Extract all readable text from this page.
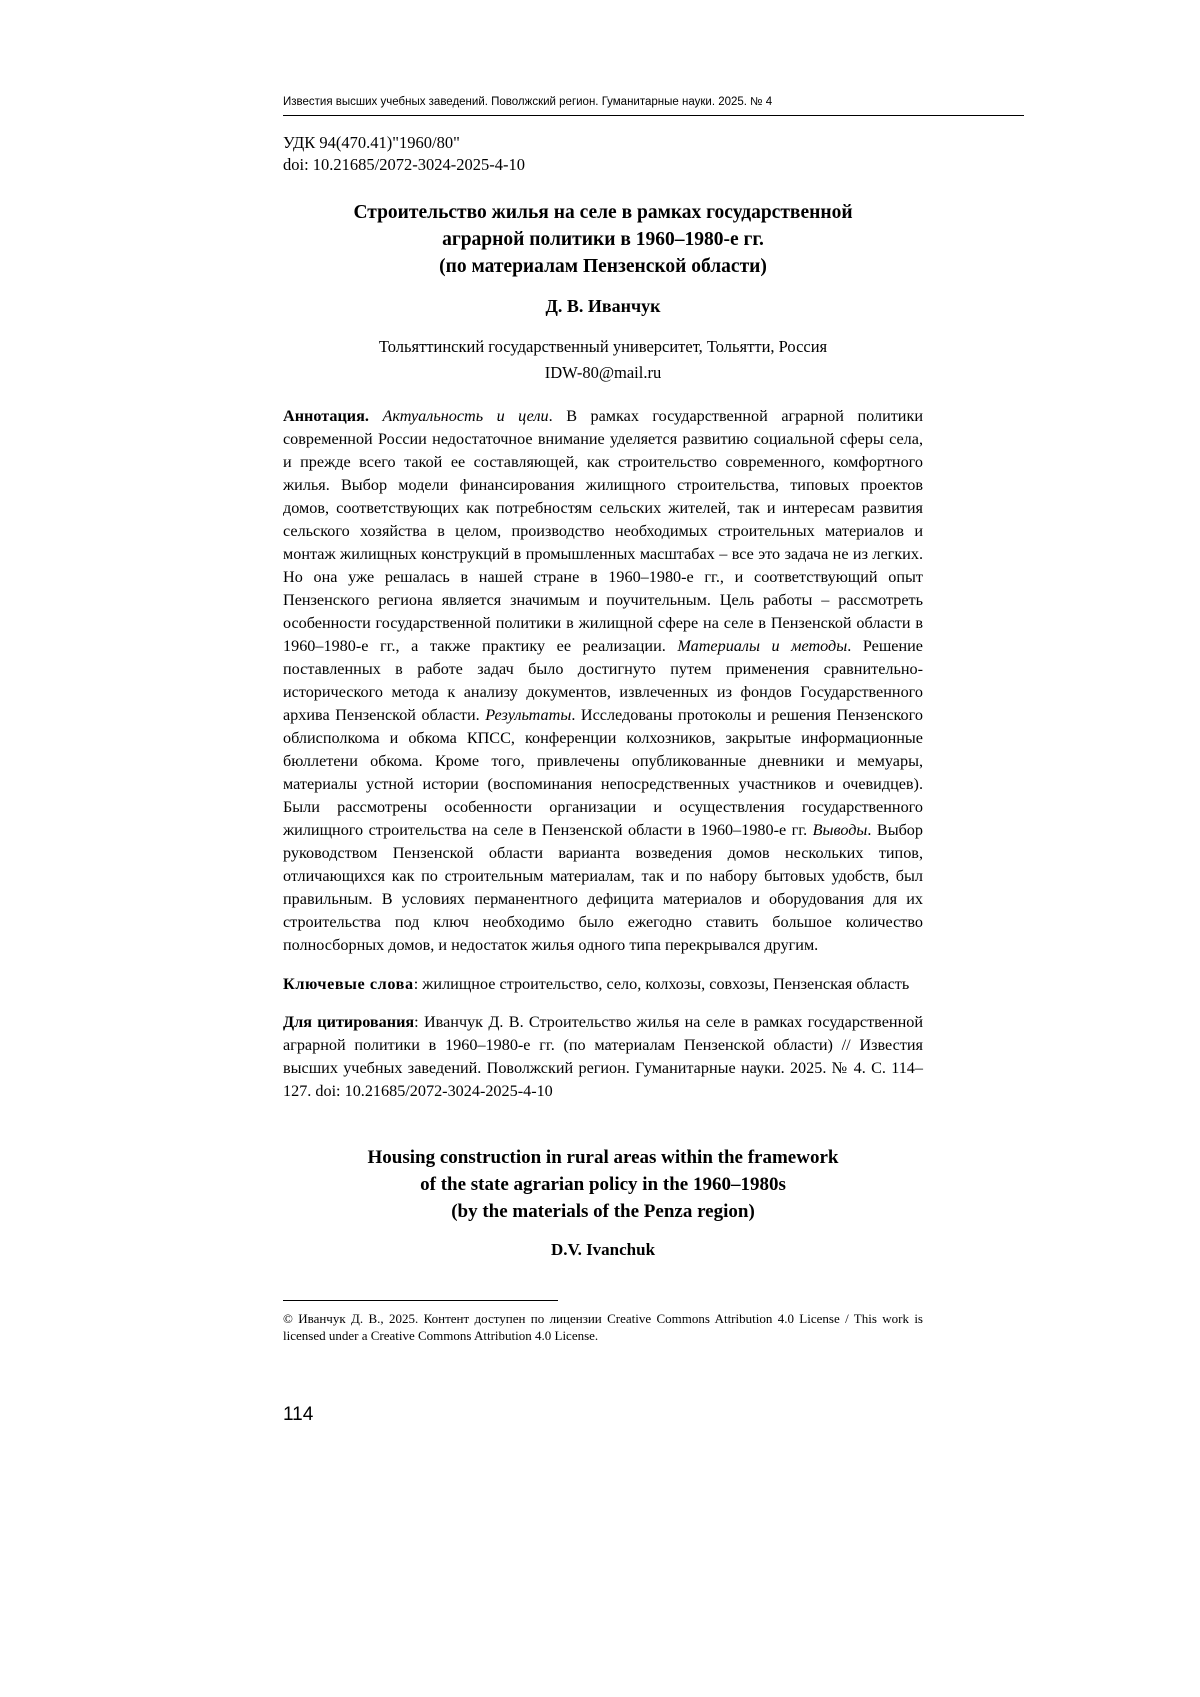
Известия высших учебных заведений. Поволжский регион. Гуманитарные науки. 2025. № 4
УДК 94(470.41)"1960/80"
doi: 10.21685/2072-3024-2025-4-10
Строительство жилья на селе в рамках государственной
аграрной политики в 1960–1980-е гг.
(по материалам Пензенской области)
Д. В. Иванчук
Тольяттинский государственный университет, Тольятти, Россия
IDW-80@mail.ru

Аннотация. Актуальность и цели. В рамках государственной аграрной политики современной России недостаточное внимание уделяется развитию социальной сферы села, и прежде всего такой ее составляющей, как строительство современного, комфортного жилья. Выбор модели финансирования жилищного строительства, типовых проектов домов, соответствующих как потребностям сельских жителей, так и интересам развития сельского хозяйства в целом, производство необходимых строительных материалов и монтаж жилищных конструкций в промышленных масштабах – все это задача не из легких. Но она уже решалась в нашей стране в 1960–1980-е гг., и соответствующий опыт Пензенского региона является значимым и поучительным. Цель работы – рассмотреть особенности государственной политики в жилищной сфере на селе в Пензенской области в 1960–1980-е гг., а также практику ее реализации. Материалы и методы. Решение поставленных в работе задач было достигнуто путем применения сравнительно-исторического метода к анализу документов, извлеченных из фондов Государственного архива Пензенской области. Результаты. Исследованы протоколы и решения Пензенского облисполкома и обкома КПСС, конференции колхозников, закрытые информационные бюллетени обкома. Кроме того, привлечены опубликованные дневники и мемуары, материалы устной истории (воспоминания непосредственных участников и очевидцев). Были рассмотрены особенности организации и осуществления государственного жилищного строительства на селе в Пензенской области в 1960–1980-е гг. Выводы. Выбор руководством Пензенской области варианта возведения домов нескольких типов, отличающихся как по строительным материалам, так и по набору бытовых удобств, был правильным. В условиях перманентного дефицита материалов и оборудования для их строительства под ключ необходимо было ежегодно ставить большое количество полносборных домов, и недостаток жилья одного типа перекрывался другим.

Ключевые слова: жилищное строительство, село, колхозы, совхозы, Пензенская область
Для цитирования: Иванчук Д. В. Строительство жилья на селе в рамках государственной аграрной политики в 1960–1980-е гг. (по материалам Пензенской области) // Известия высших учебных заведений. Поволжский регион. Гуманитарные науки. 2025. № 4. С. 114–127. doi: 10.21685/2072-3024-2025-4-10
Housing construction in rural areas within the framework
of the state agrarian policy in the 1960–1980s
(by the materials of the Penza region)
D.V. Ivanchuk
© Иванчук Д. В., 2025. Контент доступен по лицензии Creative Commons Attribution 4.0 License / This work is licensed under a Creative Commons Attribution 4.0 License.
114
